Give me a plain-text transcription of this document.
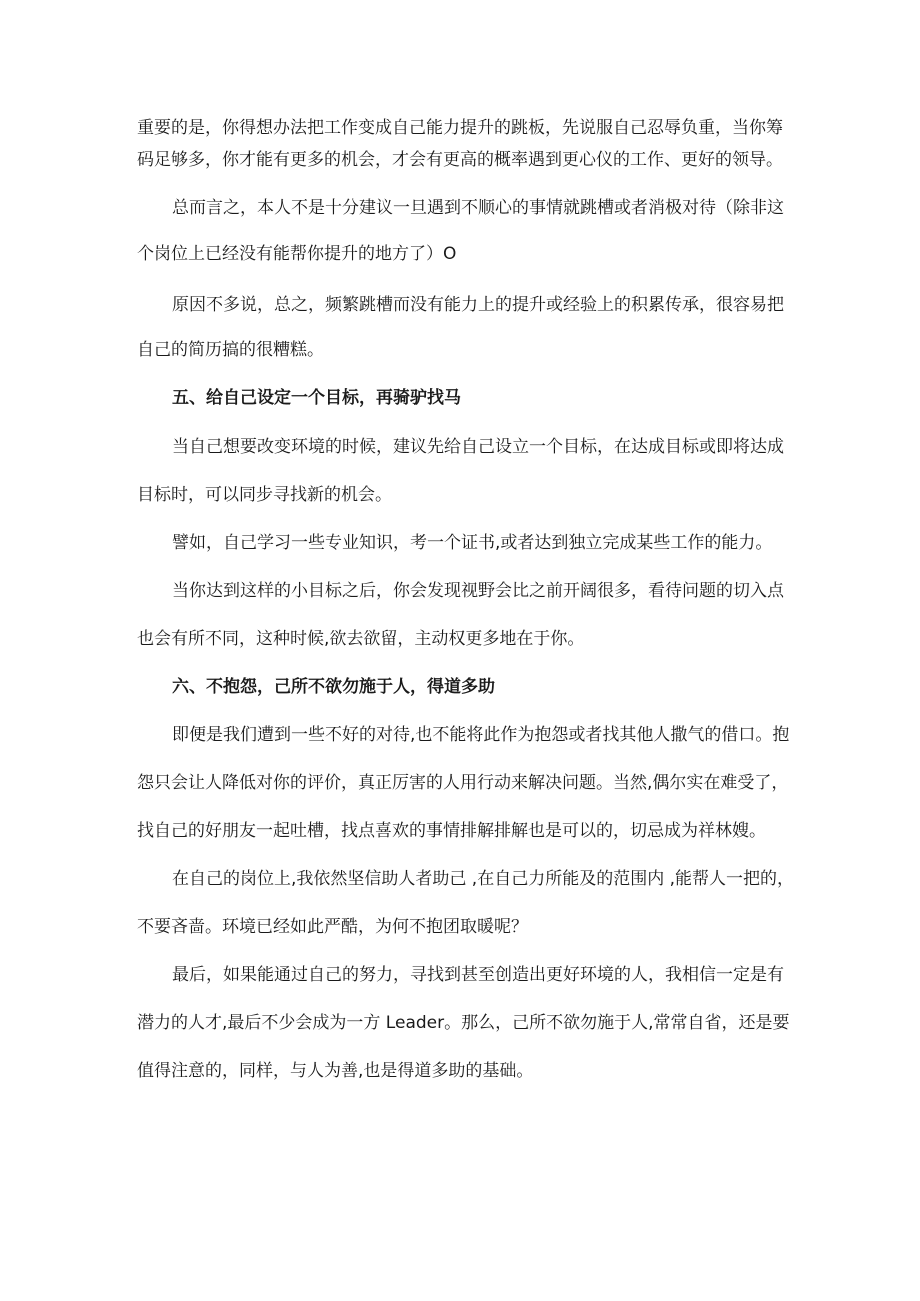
重要的是，你得想办法把工作变成自己能力提升的跳板，先说服自己忍辱负重，当你筹
码足够多，你才能有更多的机会，才会有更高的概率遇到更心仪的工作、更好的领导。
总而言之，本人不是十分建议一旦遇到不顺心的事情就跳槽或者消极对待（除非这
个岗位上已经没有能帮你提升的地方了）O
原因不多说，总之，频繁跳槽而没有能力上的提升或经验上的积累传承，很容易把
自己的简历搞的很糟糕。
五、给自己设定一个目标，再骑驴找马
当自己想要改变环境的时候，建议先给自己设立一个目标，在达成目标或即将达成
目标时，可以同步寻找新的机会。
譬如，自己学习一些专业知识，考一个证书,或者达到独立完成某些工作的能力。
当你达到这样的小目标之后，你会发现视野会比之前开阔很多，看待问题的切入点
也会有所不同，这种时候,欲去欲留，主动权更多地在于你。
六、不抱怨，己所不欲勿施于人，得道多助
即便是我们遭到一些不好的对待,也不能将此作为抱怨或者找其他人撒气的借口。抱
怨只会让人降低对你的评价，真正厉害的人用行动来解决问题。当然,偶尔实在难受了，
找自己的好朋友一起吐槽，找点喜欢的事情排解排解也是可以的，切忌成为祥林嫂。
在自己的岗位上,我依然坚信助人者助己 ,在自己力所能及的范围内 ,能帮人一把的，
不要吝啬。环境已经如此严酷，为何不抱团取暖呢？
最后，如果能通过自己的努力，寻找到甚至创造出更好环境的人，我相信一定是有
潜力的人才,最后不少会成为一方 Leader。那么，己所不欲勿施于人,常常自省，还是要
值得注意的，同样，与人为善,也是得道多助的基础。
